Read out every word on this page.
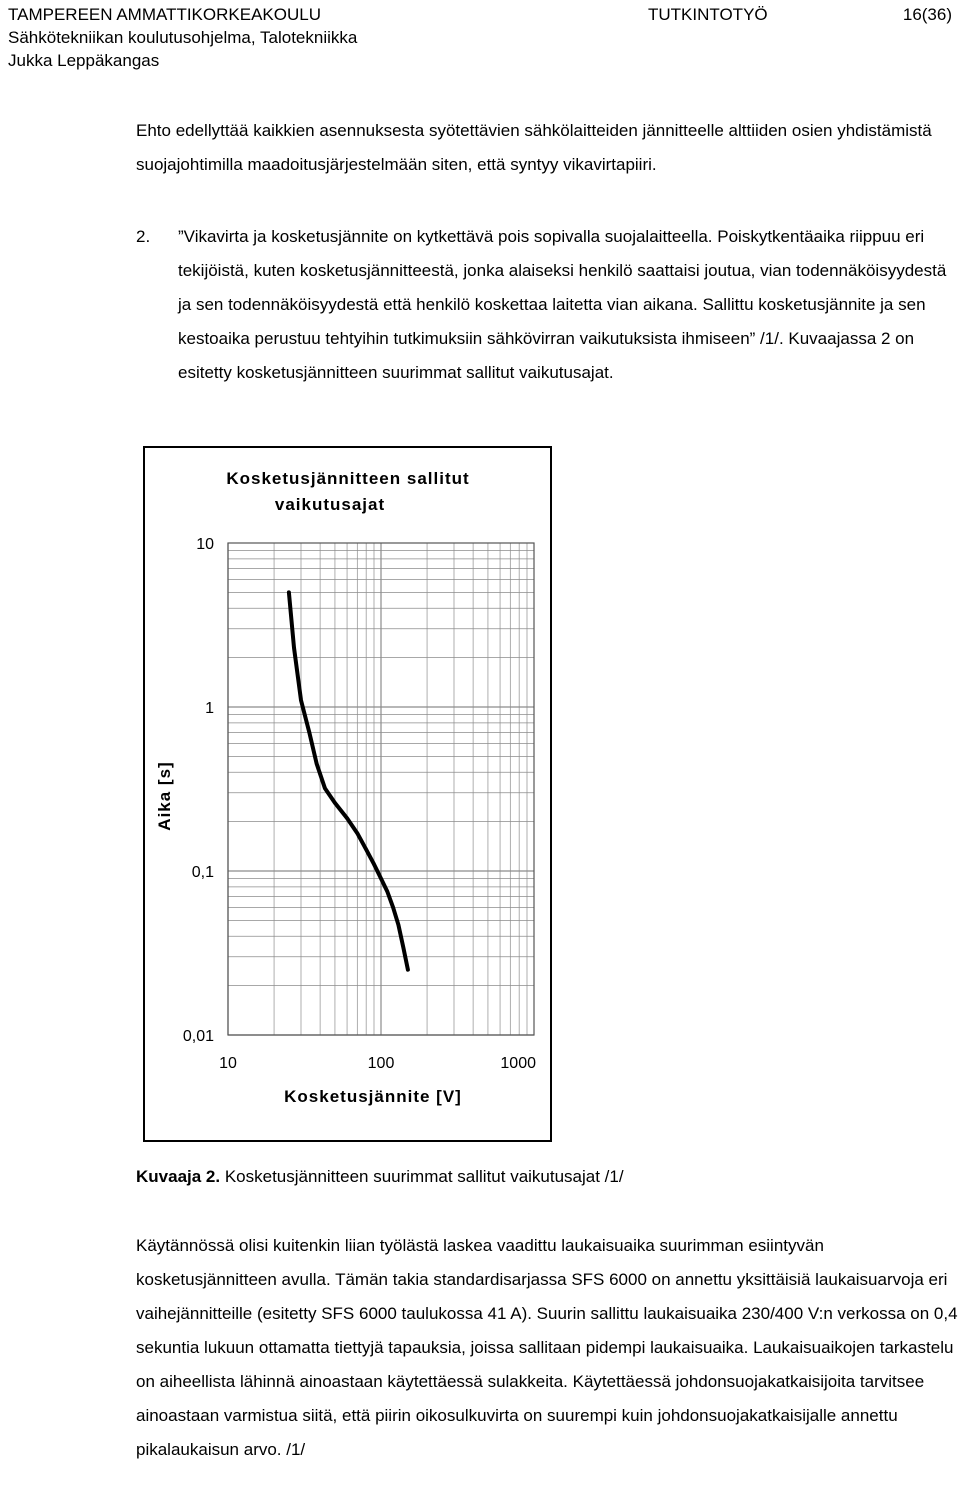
TAMPEREEN AMMATTIKORKEAKOULU	TUTKINTOTYÖ	16(36)
Sähkötekniikan koulutusohjelma, Talotekniikka
Jukka Leppäkangas
Ehto edellyttää kaikkien asennuksesta syötettävien sähkölaitteiden jännitteelle alttiiden osien yhdistämistä suojajohtimilla maadoitusjärjestelmään siten, että syntyy vikavirtapiiri.
2. ”Vikavirta ja kosketusjännite on kytkettävä pois sopivalla suojalaitteella. Poiskytkentäaika riippuu eri tekijöistä, kuten kosketusjännitteestä, jonka alaiseksi henkilö saattaisi joutua, vian todennäköisyydestä ja sen todennäköisyydestä että henkilö koskettaa laitetta vian aikana. Sallittu kosketusjännite ja sen kestoaika perustuu tehtyihin tutkimuksiin sähkövirran vaikutuksista ihmiseen” /1/. Kuvaajassa 2 on esitetty kosketusjännitteen suurimmat sallitut vaikutusajat.
Kosketusjännitteen sallitut
vaikutusajat
10
1
0,1
0,01
10	100	1000
Aika [s]
Kosketusjännite [V]
Kuvaaja 2. Kosketusjännitteen suurimmat sallitut vaikutusajat /1/
Käytännössä olisi kuitenkin liian työlästä laskea vaadittu laukaisuaika suurimman esiintyvän kosketusjännitteen avulla. Tämän takia standardisarjassa SFS 6000 on annettu yksittäisiä laukaisuarvoja eri vaihejännitteille (esitetty SFS 6000 taulukossa 41 A). Suurin sallittu laukaisuaika 230/400 V:n verkossa on 0,4 sekuntia lukuun ottamatta tiettyjä tapauksia, joissa sallitaan pidempi laukaisuaika. Laukaisuaikojen tarkastelu on aiheellista lähinnä ainoastaan käytettäessä sulakkeita. Käytettäessä johdonsuojakatkaisijoita tarvitsee ainoastaan varmistua siitä, että piirin oikosulkuvirta on suurempi kuin johdonsuojakatkaisijalle annettu pikalaukaisun arvo. /1/
